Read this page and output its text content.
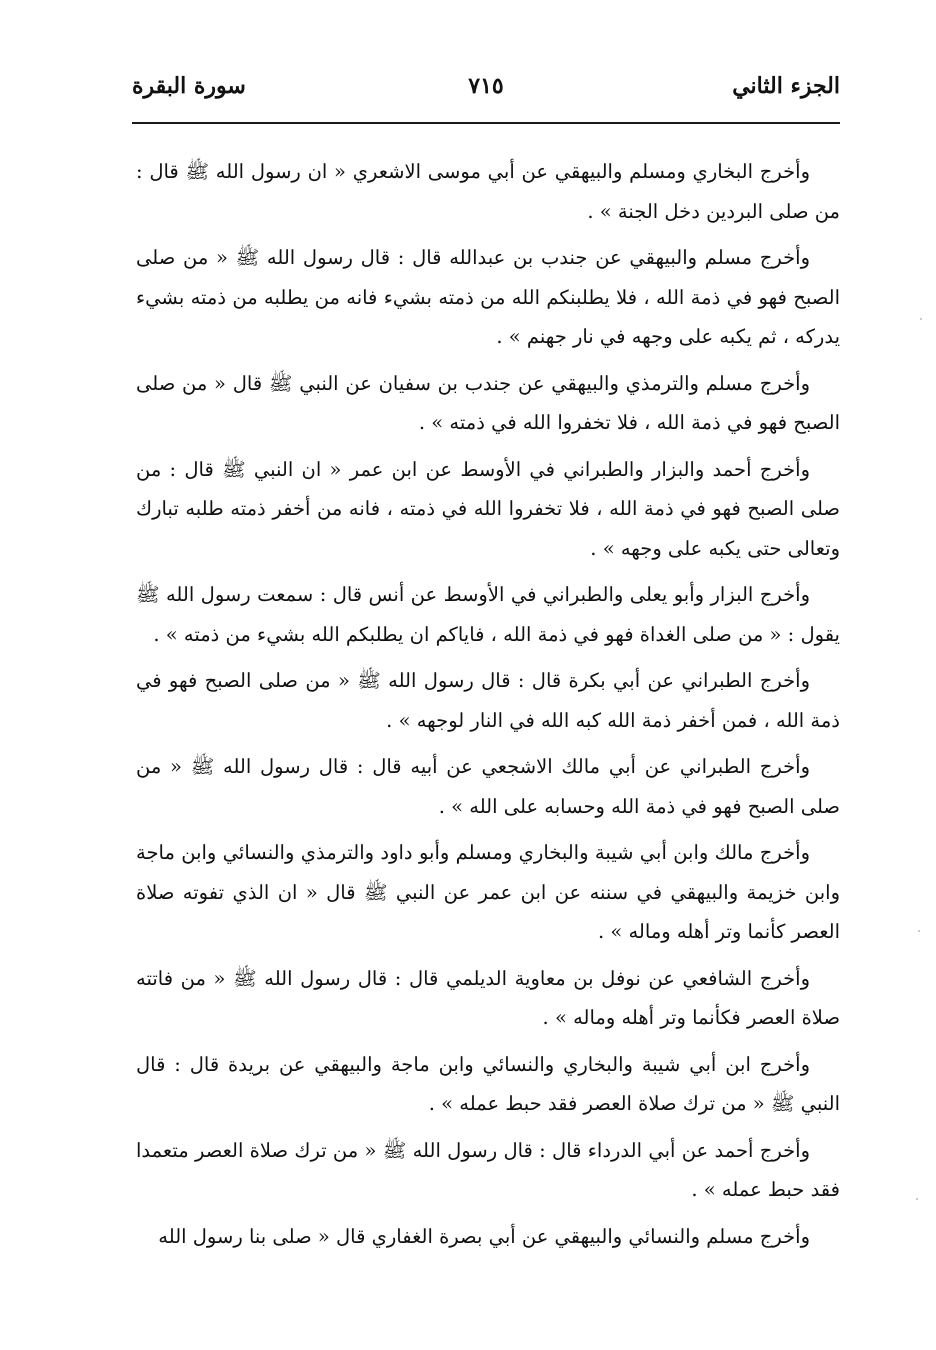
الجزء الثاني
٧١٥
سورة البقرة

وأخرج البخاري ومسلم والبيهقي عن أبي موسى الاشعري « ان رسول الله ﷺ قال : من صلى البردين دخل الجنة » .

وأخرج مسلم والبيهقي عن جندب بن عبدالله قال : قال رسول الله ﷺ « من صلى الصبح فهو في ذمة الله ، فلا يطلبنكم الله من ذمته بشيء فانه من يطلبه من ذمته بشيء يدركه ، ثم يكبه على وجهه في نار جهنم » .

وأخرج مسلم والترمذي والبيهقي عن جندب بن سفيان عن النبي ﷺ قال « من صلى الصبح فهو في ذمة الله ، فلا تخفروا الله في ذمته » .

وأخرج أحمد والبزار والطبراني في الأوسط عن ابن عمر « ان النبي ﷺ قال : من صلى الصبح فهو في ذمة الله ، فلا تخفروا الله في ذمته ، فانه من أخفر ذمته طلبه تبارك وتعالى حتى يكبه على وجهه » .

وأخرج البزار وأبو يعلى والطبراني في الأوسط عن أنس قال : سمعت رسول الله ﷺ يقول : « من صلى الغداة فهو في ذمة الله ، فاياكم ان يطلبكم الله بشيء من ذمته » .

وأخرج الطبراني عن أبي بكرة قال : قال رسول الله ﷺ « من صلى الصبح فهو في ذمة الله ، فمن أخفر ذمة الله كبه الله في النار لوجهه » .

وأخرج الطبراني عن أبي مالك الاشجعي عن أبيه قال : قال رسول الله ﷺ « من صلى الصبح فهو في ذمة الله وحسابه على الله » .

وأخرج مالك وابن أبي شيبة والبخاري ومسلم وأبو داود والترمذي والنسائي وابن ماجة وابن خزيمة والبيهقي في سننه عن ابن عمر عن النبي ﷺ قال « ان الذي تفوته صلاة العصر كأنما وتر أهله وماله » .

وأخرج الشافعي عن نوفل بن معاوية الديلمي قال : قال رسول الله ﷺ « من فاتته صلاة العصر فكأنما وتر أهله وماله » .

وأخرج ابن أبي شيبة والبخاري والنسائي وابن ماجة والبيهقي عن بريدة قال : قال النبي ﷺ « من ترك صلاة العصر فقد حبط عمله » .

وأخرج أحمد عن أبي الدرداء قال : قال رسول الله ﷺ « من ترك صلاة العصر متعمدا فقد حبط عمله » .

وأخرج مسلم والنسائي والبيهقي عن أبي بصرة الغفاري قال « صلى بنا رسول الله
